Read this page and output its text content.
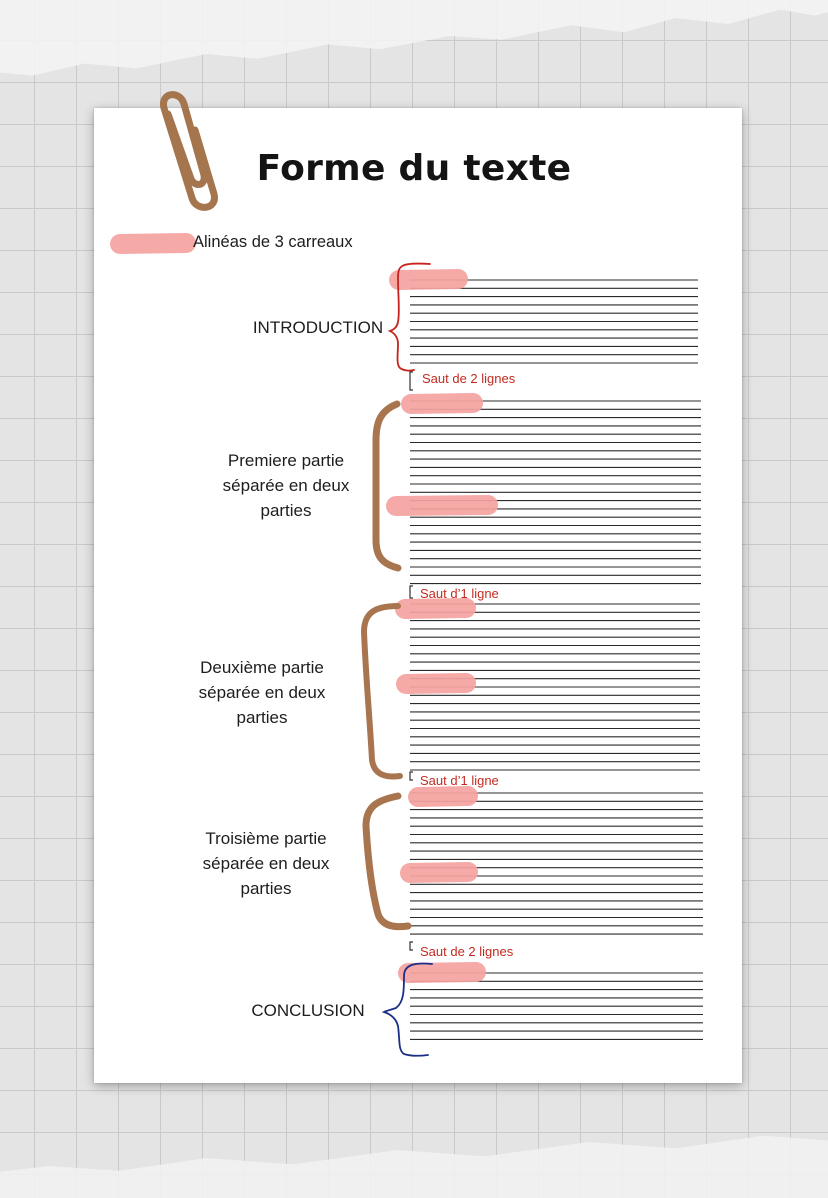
Forme du texte
Alinéas de 3 carreaux
INTRODUCTION
Premiere partie séparée en deux parties
Deuxième partie séparée en deux parties
Troisième partie séparée en deux parties
CONCLUSION
Saut de 2 lignes
Saut d’1 ligne
Saut d’1 ligne
Saut de 2 lignes
